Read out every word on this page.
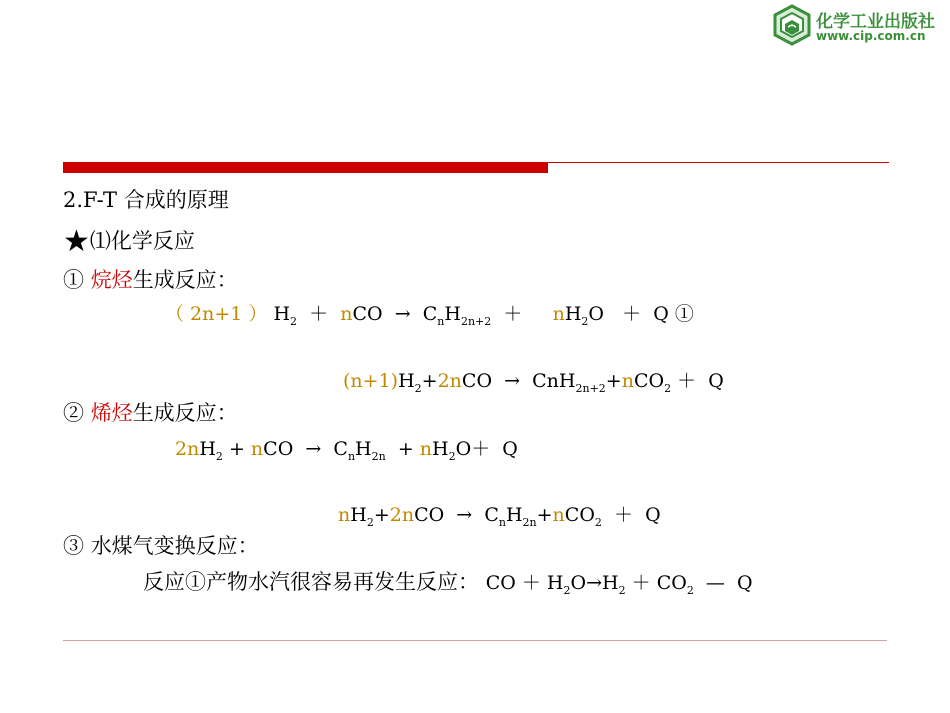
化学工业出版社
www.cip.com.cn
2.F-T 合成的原理
★⑴化学反应
① 烷烃生成反应：
（ 2n+1 ） $H_2$ ＋ nCO → $C_nH_{2n+2} + nH_2O + Q$ ①
$(n+1)H_2+2nCO \to CnH_{2n+2}+nCO_2 + Q$
② 烯烃生成反应：
$2nH_2$ + nCO → $C_nH_{2n} + nH_2O+ Q$
$nH_2+2nCO \to C_nH_{2n}+nCO_2 + Q$
③ 水煤气变换反应：
反应①产物水汽很容易再发生反应： CO ＋ $H_2O\to H_2 + CO_2$ — Q
